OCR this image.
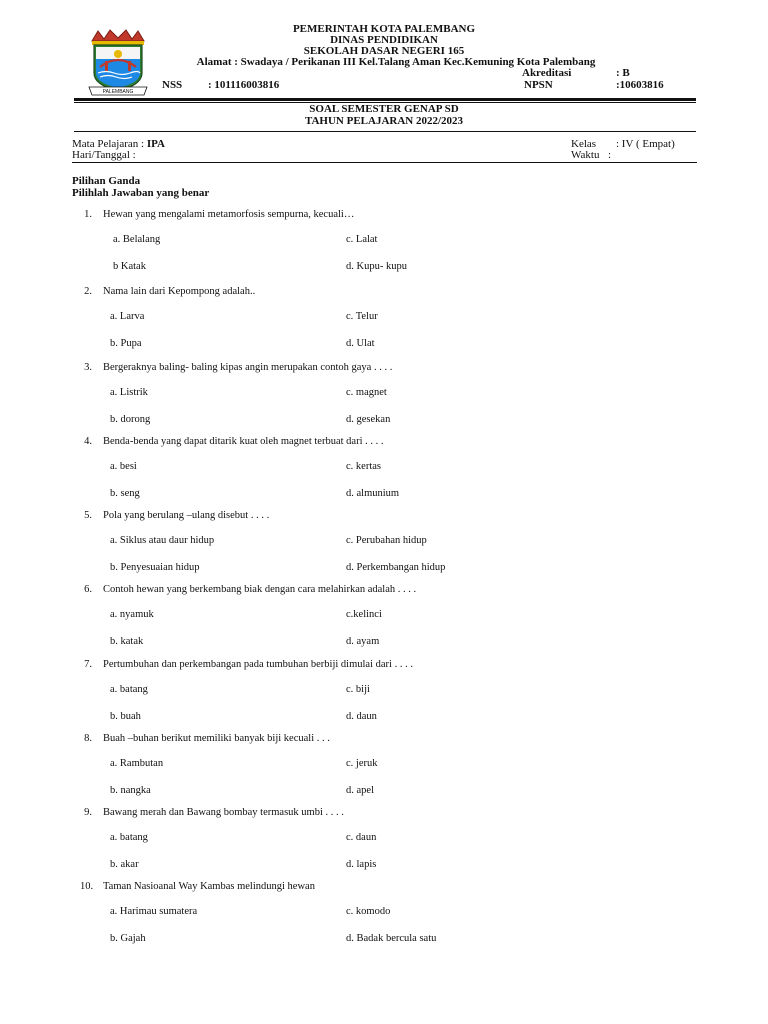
PALEMBANG
PEMERINTAH KOTA PALEMBANG
DINAS PENDIDIKAN
SEKOLAH DASAR NEGERI 165
Alamat : Swadaya / Perikanan III Kel.Talang Aman Kec.Kemuning Kota Palembang
Akreditasi	: B
NSS : 101116003816	NPSN	:10603816
SOAL SEMESTER GENAP SD
TAHUN PELAJARAN 2022/2023
Mata Pelajaran : IPA
Hari/Tanggal :
Kelas : IV ( Empat)
Waktu :
Pilihan Ganda
Pilihlah Jawaban yang benar
1. Hewan yang mengalami metamorfosis sempurna, kecuali…
a. Belalang	c. Lalat
b Katak	d. Kupu- kupu
2. Nama lain dari Kepompong adalah..
a. Larva	c. Telur
b. Pupa	d. Ulat
3. Bergeraknya baling- baling kipas angin merupakan contoh gaya . . . .
a. Listrik	c. magnet
b. dorong	d. gesekan
4. Benda-benda yang dapat ditarik kuat oleh magnet terbuat dari . . . .
a. besi	c. kertas
b. seng	d. almunium
5. Pola yang berulang –ulang disebut . . . .
a. Siklus atau daur hidup	c. Perubahan hidup
b. Penyesuaian hidup	d. Perkembangan hidup
6. Contoh hewan yang berkembang biak dengan cara melahirkan adalah . . . .
a. nyamuk	c.kelinci
b. katak	d. ayam
7. Pertumbuhan dan perkembangan pada tumbuhan berbiji dimulai dari . . . .
a. batang	c. biji
b. buah	d. daun
8. Buah –buhan berikut memiliki banyak biji kecuali . . .
a. Rambutan	c. jeruk
b. nangka	d. apel
9. Bawang merah dan Bawang bombay termasuk umbi . . . .
a. batang	c. daun
b. akar	d. lapis
10. Taman Nasioanal Way Kambas melindungi hewan
a. Harimau sumatera	c. komodo
b. Gajah	d. Badak bercula satu
